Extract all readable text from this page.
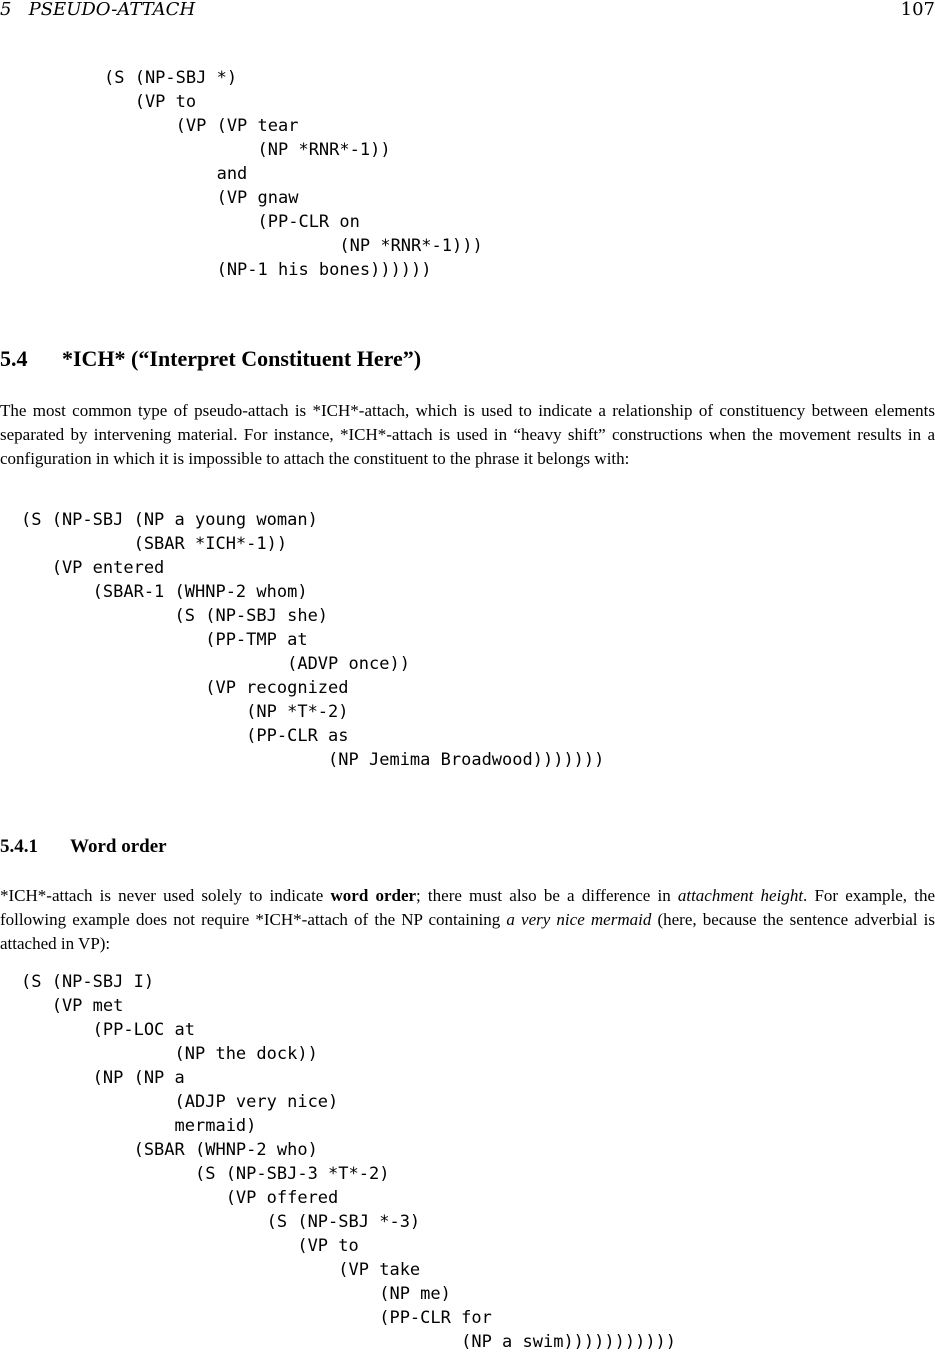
5   PSEUDO-ATTACH	107
(S (NP-SBJ *)
(VP to
(VP (VP tear
(NP *RNR*-1))
and
(VP gnaw
(PP-CLR on
(NP *RNR*-1)))
(NP-1 his bones))))))
5.4 *ICH* (“Interpret Constituent Here”)

The most common type of pseudo-attach is *ICH*-attach, which is used to indicate a relationship of constituency between elements separated by intervening material. For instance, *ICH*-attach is used in “heavy shift” constructions when the movement results in a configuration in which it is impossible to attach the constituent to the phrase it belongs with:

(S (NP-SBJ (NP a young woman)
(SBAR *ICH*-1))
(VP entered
(SBAR-1 (WHNP-2 whom)
(S (NP-SBJ she)
(PP-TMP at
(ADVP once))
(VP recognized
(NP *T*-2)
(PP-CLR as
(NP Jemima Broadwood)))))))
5.4.1 Word order

*ICH*-attach is never used solely to indicate word order; there must also be a difference in attachment height. For example, the following example does not require *ICH*-attach of the NP containing a very nice mermaid (here, because the sentence adverbial is attached in VP):

(S (NP-SBJ I)
(VP met
(PP-LOC at
(NP the dock))
(NP (NP a
(ADJP very nice)
mermaid)
(SBAR (WHNP-2 who)
(S (NP-SBJ-3 *T*-2)
(VP offered
(S (NP-SBJ *-3)
(VP to
(VP take
(NP me)
(PP-CLR for
(NP a swim)))))))))))
